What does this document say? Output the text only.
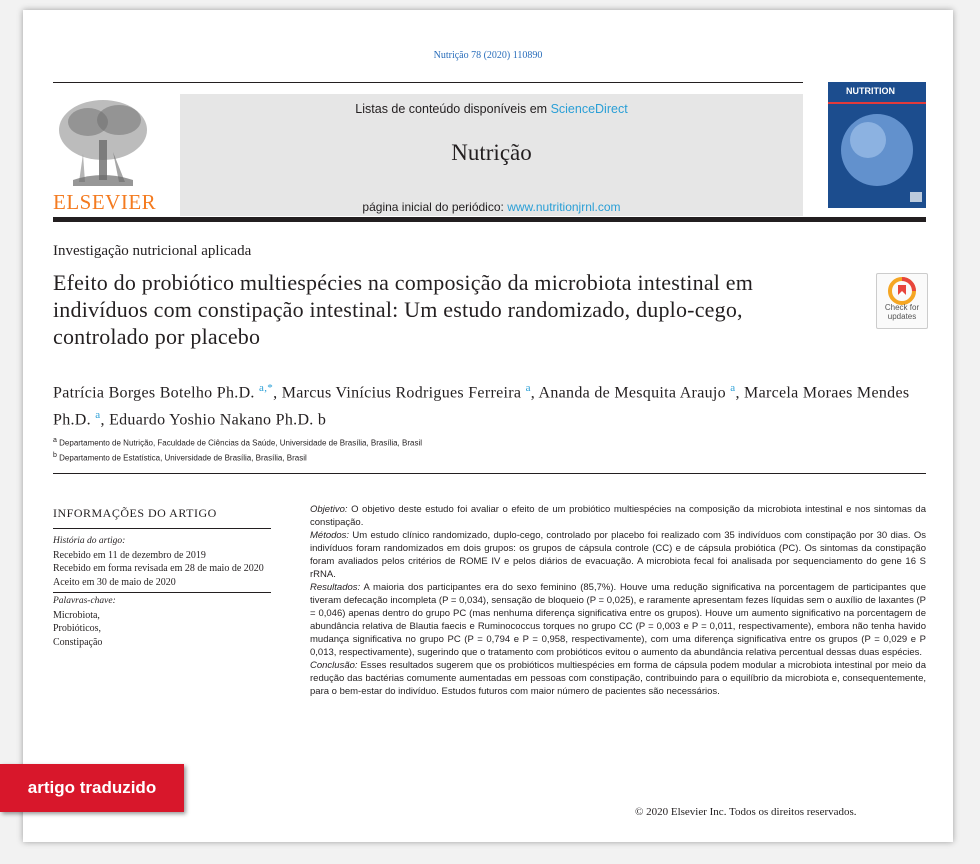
Nutrição 78 (2020) 110890
ELSEVIER
Listas de conteúdo disponíveis em ScienceDirect
Nutrição
página inicial do periódico: www.nutritionjrnl.com
NUTRITION
Investigação nutricional aplicada
Efeito do probiótico multiespécies na composição da microbiota intestinal em indivíduos com constipação intestinal: Um estudo randomizado, duplo-cego, controlado por placebo
Check for updates
Patrícia Borges Botelho Ph.D. $^{a,*}$, Marcus Vinícius Rodrigues Ferreira $^a$, Ananda de Mesquita Araujo $^a$, Marcela Moraes Mendes Ph.D. $^a$, Eduardo Yoshio Nakano Ph.D. b
$^a$ Departamento de Nutrição, Faculdade de Ciências da Saúde, Universidade de Brasília, Brasília, Brasil
$^b$ Departamento de Estatística, Universidade de Brasília, Brasília, Brasil
INFORMAÇÕES DO ARTIGO
História do artigo:
Recebido em 11 de dezembro de 2019
Recebido em forma revisada em 28 de maio de 2020
Aceito em 30 de maio de 2020
Palavras-chave:
Microbiota,
Probióticos,
Constipação

Objetivo: O objetivo deste estudo foi avaliar o efeito de um probiótico multiespécies na composição da microbiota intestinal e nos sintomas da constipação.

Métodos: Um estudo clínico randomizado, duplo-cego, controlado por placebo foi realizado com 35 indivíduos com constipação por 30 dias. Os indivíduos foram randomizados em dois grupos: os grupos de cápsula controle (CC) e de cápsula probiótica (PC). Os sintomas da constipação foram avaliados pelos critérios de ROME IV e pelos diários de evacuação. A microbiota fecal foi analisada por sequenciamento do gene 16 S rRNA.

Resultados: A maioria dos participantes era do sexo feminino (85,7%). Houve uma redução significativa na porcentagem de participantes que tiveram defecação incompleta (P = 0,034), sensação de bloqueio (P = 0,025), e raramente apresentam fezes líquidas sem o auxílio de laxantes (P = 0,046) apenas dentro do grupo PC (mas nenhuma diferença significativa entre os grupos). Houve um aumento significativo na porcentagem de abundância relativa de Blautia faecis e Ruminococcus torques no grupo CC (P = 0,003 e P = 0,011, respectivamente), embora não tenha havido mudança significativa no grupo PC (P = 0,794 e P = 0,958, respectivamente), com uma diferença significativa entre os grupos (P = 0,029 e P 0,013, respectivamente), sugerindo que o tratamento com probióticos evitou o aumento da abundância relativa percentual dessas duas espécies.

Conclusão: Esses resultados sugerem que os probióticos multiespécies em forma de cápsula podem modular a microbiota intestinal por meio da redução das bactérias comumente aumentadas em pessoas com constipação, contribuindo para o equilíbrio da microbiota e, consequentemente, para o bem-estar do indivíduo. Estudos futuros com maior número de pacientes são necessários.

© 2020 Elsevier Inc. Todos os direitos reservados.
artigo traduzido
